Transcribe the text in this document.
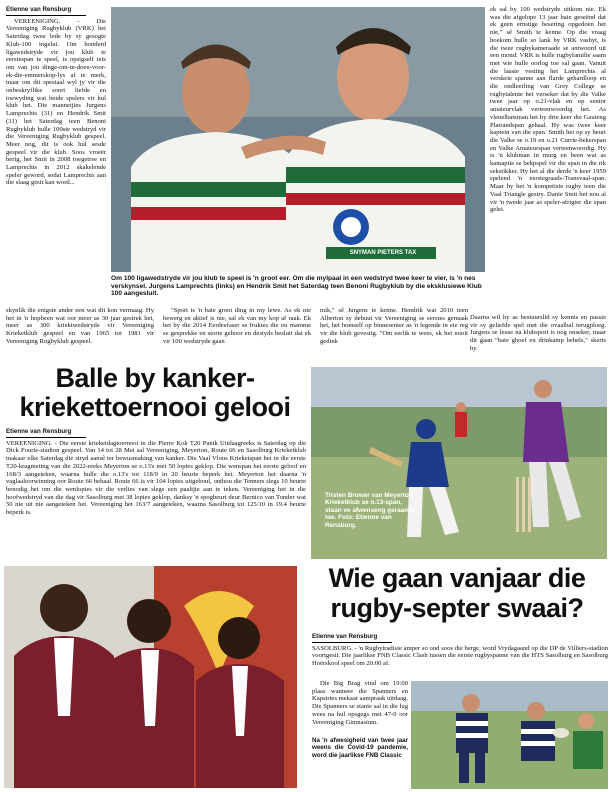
Etienne van Rensburg

VEREENIGING. - Die Vereeniging Rugbyklub (VRK) het Saterdag twee lede by sy gesogte Klub-100 ingelui. Om honderd ligawedstryde vir jou klub te eerstespan te speel, is opsigself iets om van jou dinge-om-te-doen-voor-ek-die-emmerskop-lys af te merk, maar om dit spesiaal wyl jy vir die onbeskryflike soort liefde en toewyding wat beide spelers vir hul klub het. Die mannetjies Jurgens Lamprechts (31) en Hendrik Smit (31) het Saterdag teen Benoni Rugbyklub hulle 100ste wedstryd vir die Vereeniging Rugbyklub gespeel. Meer nog, dit is ook hul sesde gespeel vir die klub. Soos vroeër berig, het Smit in 2008 toegetree en Lamprechts in 2012 skakelende speler geword, sodat Lamprechts aan die slaag gesit kan word...

SNYMAN PIETERS TAX
Om 100 ligawedstryde vir jou klub te speel is 'n groot eer. Om die mylpaal in een wedstryd twee keer te vier, is 'n nes verskynsel. Jurgens Lamprechts (links) en Hendrik Smit het Saterdag teen Benoni Rugbyklub by die eksklusiewe Klub 100 aangesluit.

skynlik die enigste ander een wat dit kon vermaag. Hy het in 'n hopbeen wat oor meer as 30 jaar gestrek het, meer as 300 kriektwedstryde vir Vereeniging Krieketklub gespeel en van 1965 tot 1981 vir Vereeniging Rugbyklub gespeel.

"Sport is 'n baie groot ding in my lewe. As ek nie bewerg en aktief is nie, sal ek van my kop af raak. Ek het by die 2014 Eerdeefaser se fruktes die ou mamme se gesprekke en storie gehoor en destyds besluit dat ek vir 100 wedstryde gaan

mik," sê Jurgens te kenne. Hendrik wat 2010 teen Alberton sy debuut vir Vereeniging se eerstes gemaak het, het homself op binnesenter as 'n legende in eie reg vir die klub gevestig. "Om eerlik te wees, ek het nooit gedink

ek sal by 100 wedstryde uitkom nie. Ek was die afgelope 13 jaar baie geseënd dat ek geen ernstige besering opgedoen het nie," sê Smith te kenne. Op die vraag hoekom hulle so lank by VRK vasbyt, is die twee rugbykameraade se antwoord uit een mond: VRK is hulle rugbyfamilie saam met wie hulle oorlog toe sal gaan. Vanuit die laaste vesting het Lamprechts al verskeie spanne aan flarde gehardloop en die ondleerling van Grey College se rugbytalente het verseker dat hy die Valke twee jaar op o.21-vlak en op senior amateurvlak verteenwoordig het. As vleuelbatsman het hy drie keer die Gauteng Platrandspan gehaal. Hy was twee keer kaptein van die span. Smith het op sy beurt die Valke se o.19 en o.21 Currie-bekerspan en Valke Amateurspan verteenwoordig. Hy is 'n klubman in murg en been wat as kamaptie se bekpspel vir die span in die rik sekstikker. Hy het al die derde 'n keer 1959 spelend 'n eerstegraads-Transvaal-span. Maar hy het 'n kompetisie rugby teen die Vaal Triangle gestry. Danie Smit het nou al vir 'n twede jaar as speler-afrigter die span gelei.

Daarna wil hy as bestuurslid sy kennis en passie vir sy geliefde spel met die ovaalbal terugploeg. Jurgens se leuse na klubsport is nog onseker, maar dit gaan "baie ghoef en drinkamp behels," skerts hy.

Balle by kanker-
kriekettoernooi gelooi
Etienne van Rensburg

VEREENIGING. - Die eerste krieketdagtoernooi in die Pierre Kok T20 Panik Uitdaagreeks is Saterdag op die Dick Fourie-stadion gespeel. Van 14 tot 28 Mei sal Vereeniging, Meyerton, Route 66 en Sasolburg Krieketklub makaar elke Saterdag die stryd aansê ter bewusmaking van kanker. Die Vaal Vlous Krieketspan het in die eerste T20-kragmeting van die 2022-reeks Meyerton se o.13's met 50 lopies geklop. Die wenspan het eerste geloof en 168/3 aangeteken, waarna hulle die o.13's tot 118/9 in 20 beurte beperk het. Meyerton het daarna 'n vaglaaloorwinning oor Route 66 behaal. Route 66 is vir 104 lopies uitgeboul, onthou die Tenners slegs 10 beurte benodig het om die wenlopies vir die verlies van slegs een paaltjie aan te teken. Vereeniging het in die hoofwedstryd van die dag vir Sasolburg met 38 lopies geklop, danksy 'n spogbeurt deur Bernico van Tonder wat 50 nie uit nie aangeteken het. Vereeniging het 163/7 aangeteken, waarna Sasolburg tot 125/10 in 19.4 beurte beperk is.

Tristen Brower van Meyerton Krieketklub se o.13-span, staan ve afwenseng geraamte toe. Foto: Etienne van Rensburg.
Wie gaan vanjaar die
rugby-septer swaai?
Etienne van Rensburg

SASOLBURG. - 'n Rugbytradisie amper so oud soos die berge, word Vrydagaand op die DP de Villiers-stadion voortgesit. Die jaarlikse FNB Classic Clash tussen die eerste rugbyspanne van die HTS Sasolburg en Sasolburg Hoërskool speel om 20:00 af.

Die Big Brag vind om 19:00 plaas wanneer die Spanners en Kapstrtes mekaar aampraak uitdaag. Die Spanners se stanie sal in die lug wees na hul opsgegs met 47-0 oor Vereeniging Gimnasium.

Na 'n afwesigheid van twee jaar weens die Covid-19 pandemie, word die jaarlikse FNB Classic
